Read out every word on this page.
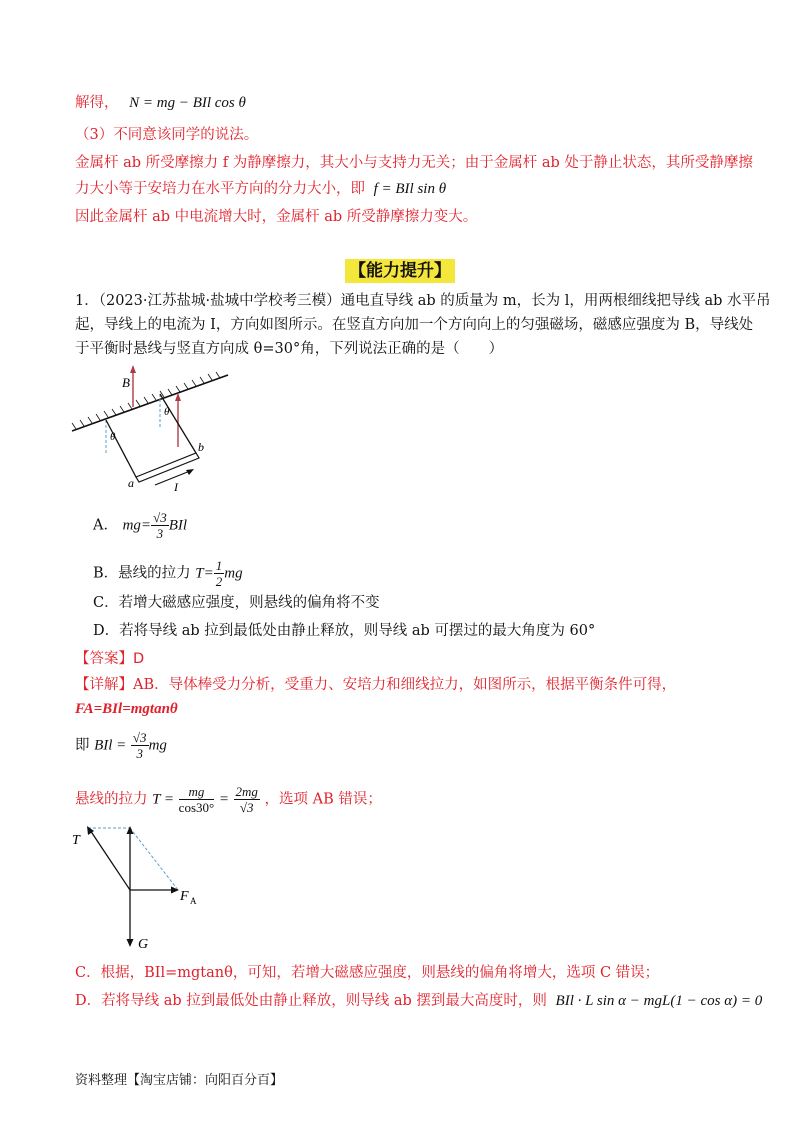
解得， N = mg − BIl cos θ
（3）不同意该同学的说法。
金属杆 ab 所受摩擦力 f 为静摩擦力，其大小与支持力无关；由于金属杆 ab 处于静止状态，其所受静摩擦
力大小等于安培力在水平方向的分力大小，即 f = BIl sin θ
因此金属杆 ab 中电流增大时，金属杆 ab 所受静摩擦力变大。
【能力提升】
1．（2023·江苏盐城·盐城中学校考三模）通电直导线 ab 的质量为 m，长为 l，用两根细线把导线 ab 水平吊
起，导线上的电流为 I，方向如图所示。在竖直方向加一个方向向上的匀强磁场，磁感应强度为 B，导线处
于平衡时悬线与竖直方向成 θ=30°角，下列说法正确的是（　　）
B
θ
θ
a
b
I
A． $mg= \frac{√3}{3}$ BIl
B．悬线的拉力 $T= \frac{1}{2}$ mg
C．若增大磁感应强度，则悬线的偏角将不变
D．若将导线 ab 拉到最低处由静止释放，则导线 ab 可摆过的最大角度为 60°
【答案】D
【详解】AB．导体棒受力分析，受重力、安培力和细线拉力，如图所示，根据平衡条件可得，
FA=BIl=mgtanθ
即 BIl = $\frac{√3}{3}$ mg
悬线的拉力 $T = \frac{mg}{\cos 30^\circ} = \frac{2mg}{√3}$ ，选项 AB 错误；
T
F A
G
C．根据，BIl=mgtanθ，可知，若增大磁感应强度，则悬线的偏角将增大，选项 C 错误；
D．若将导线 ab 拉到最低处由静止释放，则导线 ab 摆到最大高度时，则 BIl · L sin α − mgL(1 − cos α) = 0
资料整理【淘宝店铺：向阳百分百】
